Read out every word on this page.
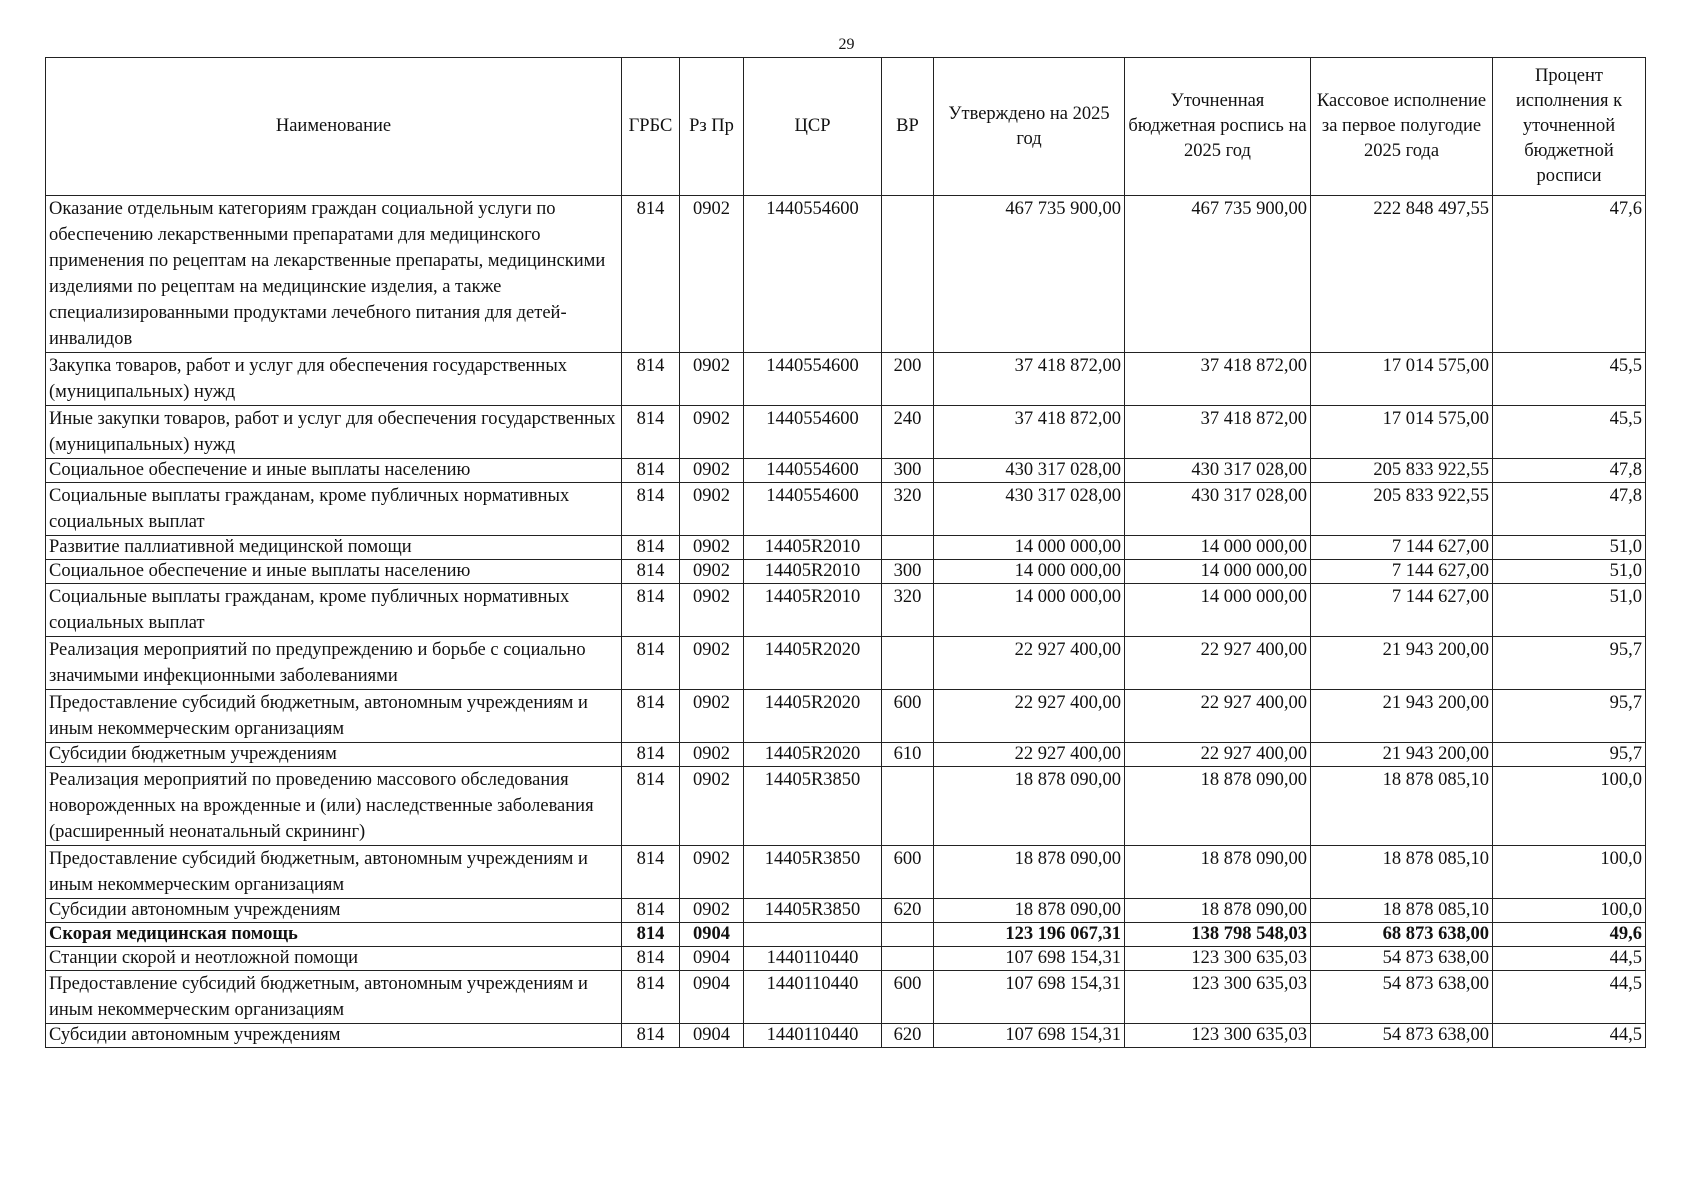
29
Наименование	ГРБС	Рз Пр	ЦСР	ВР	Утверждено на 2025 год	Уточненная бюджетная роспись на 2025 год	Кассовое исполнение за первое полугодие 2025 года	Процент исполнения к уточненной бюджетной росписи
Оказание отдельным категориям граждан социальной услуги по обеспечению лекарственными препаратами для медицинского применения по рецептам на лекарственные препараты, медицинскими изделиями по рецептам на медицинские изделия, а также специализированными продуктами лечебного питания для детей-инвалидов	814	0902	1440554600		467 735 900,00	467 735 900,00	222 848 497,55	47,6
Закупка товаров, работ и услуг для обеспечения государственных (муниципальных) нужд	814	0902	1440554600	200	37 418 872,00	37 418 872,00	17 014 575,00	45,5
Иные закупки товаров, работ и услуг для обеспечения государственных (муниципальных) нужд	814	0902	1440554600	240	37 418 872,00	37 418 872,00	17 014 575,00	45,5
Социальное обеспечение и иные выплаты населению	814	0902	1440554600	300	430 317 028,00	430 317 028,00	205 833 922,55	47,8
Социальные выплаты гражданам, кроме публичных нормативных социальных выплат	814	0902	1440554600	320	430 317 028,00	430 317 028,00	205 833 922,55	47,8
Развитие паллиативной медицинской помощи	814	0902	14405R2010		14 000 000,00	14 000 000,00	7 144 627,00	51,0
Социальное обеспечение и иные выплаты населению	814	0902	14405R2010	300	14 000 000,00	14 000 000,00	7 144 627,00	51,0
Социальные выплаты гражданам, кроме публичных нормативных социальных выплат	814	0902	14405R2010	320	14 000 000,00	14 000 000,00	7 144 627,00	51,0
Реализация мероприятий по предупреждению и борьбе с социально значимыми инфекционными заболеваниями	814	0902	14405R2020		22 927 400,00	22 927 400,00	21 943 200,00	95,7
Предоставление субсидий бюджетным, автономным учреждениям и иным некоммерческим организациям	814	0902	14405R2020	600	22 927 400,00	22 927 400,00	21 943 200,00	95,7
Субсидии бюджетным учреждениям	814	0902	14405R2020	610	22 927 400,00	22 927 400,00	21 943 200,00	95,7
Реализация мероприятий по проведению массового обследования новорожденных на врожденные и (или) наследственные заболевания (расширенный неонатальный скрининг)	814	0902	14405R3850		18 878 090,00	18 878 090,00	18 878 085,10	100,0
Предоставление субсидий бюджетным, автономным учреждениям и иным некоммерческим организациям	814	0902	14405R3850	600	18 878 090,00	18 878 090,00	18 878 085,10	100,0
Субсидии автономным учреждениям	814	0902	14405R3850	620	18 878 090,00	18 878 090,00	18 878 085,10	100,0
Скорая медицинская помощь	814	0904			123 196 067,31	138 798 548,03	68 873 638,00	49,6
Станции скорой и неотложной помощи	814	0904	1440110440		107 698 154,31	123 300 635,03	54 873 638,00	44,5
Предоставление субсидий бюджетным, автономным учреждениям и иным некоммерческим организациям	814	0904	1440110440	600	107 698 154,31	123 300 635,03	54 873 638,00	44,5
Субсидии автономным учреждениям	814	0904	1440110440	620	107 698 154,31	123 300 635,03	54 873 638,00	44,5
